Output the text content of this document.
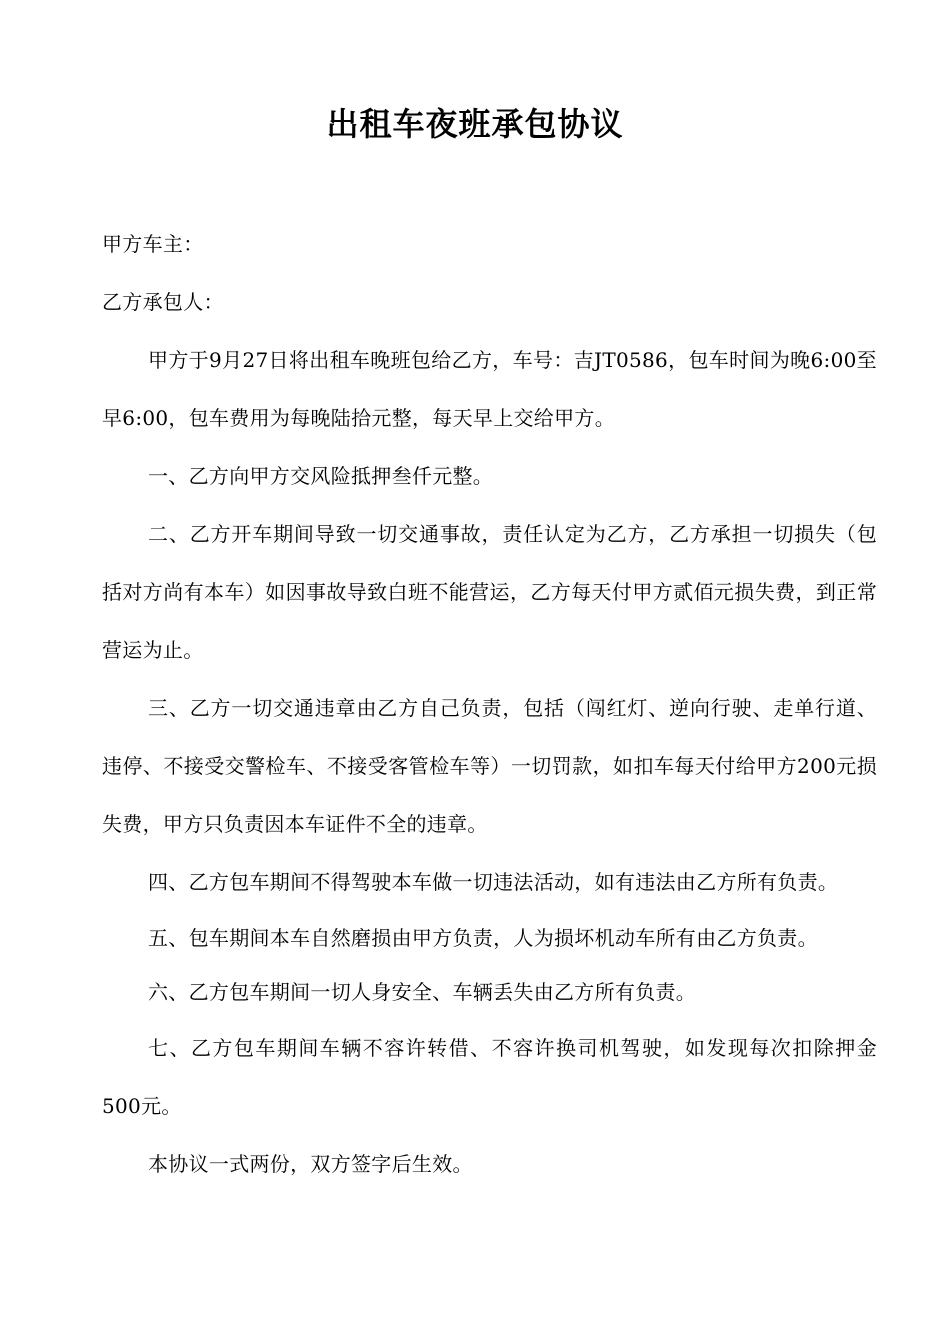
出租车夜班承包协议

甲方车主：

乙方承包人：

甲方于9月27日将出租车晚班包给乙方，车号：吉JT0586，包车时间为晚6:00至早6:00，包车费用为每晚陆拾元整，每天早上交给甲方。

一、乙方向甲方交风险抵押叁仟元整。

二、乙方开车期间导致一切交通事故，责任认定为乙方，乙方承担一切损失（包括对方尚有本车）如因事故导致白班不能营运，乙方每天付甲方贰佰元损失费，到正常营运为止。

三、乙方一切交通违章由乙方自己负责，包括（闯红灯、逆向行驶、走单行道、违停、不接受交警检车、不接受客管检车等）一切罚款，如扣车每天付给甲方200元损失费，甲方只负责因本车证件不全的违章。

四、乙方包车期间不得驾驶本车做一切违法活动，如有违法由乙方所有负责。

五、包车期间本车自然磨损由甲方负责，人为损坏机动车所有由乙方负责。

六、乙方包车期间一切人身安全、车辆丢失由乙方所有负责。

七、乙方包车期间车辆不容许转借、不容许换司机驾驶，如发现每次扣除押金500元。

本协议一式两份，双方签字后生效。
